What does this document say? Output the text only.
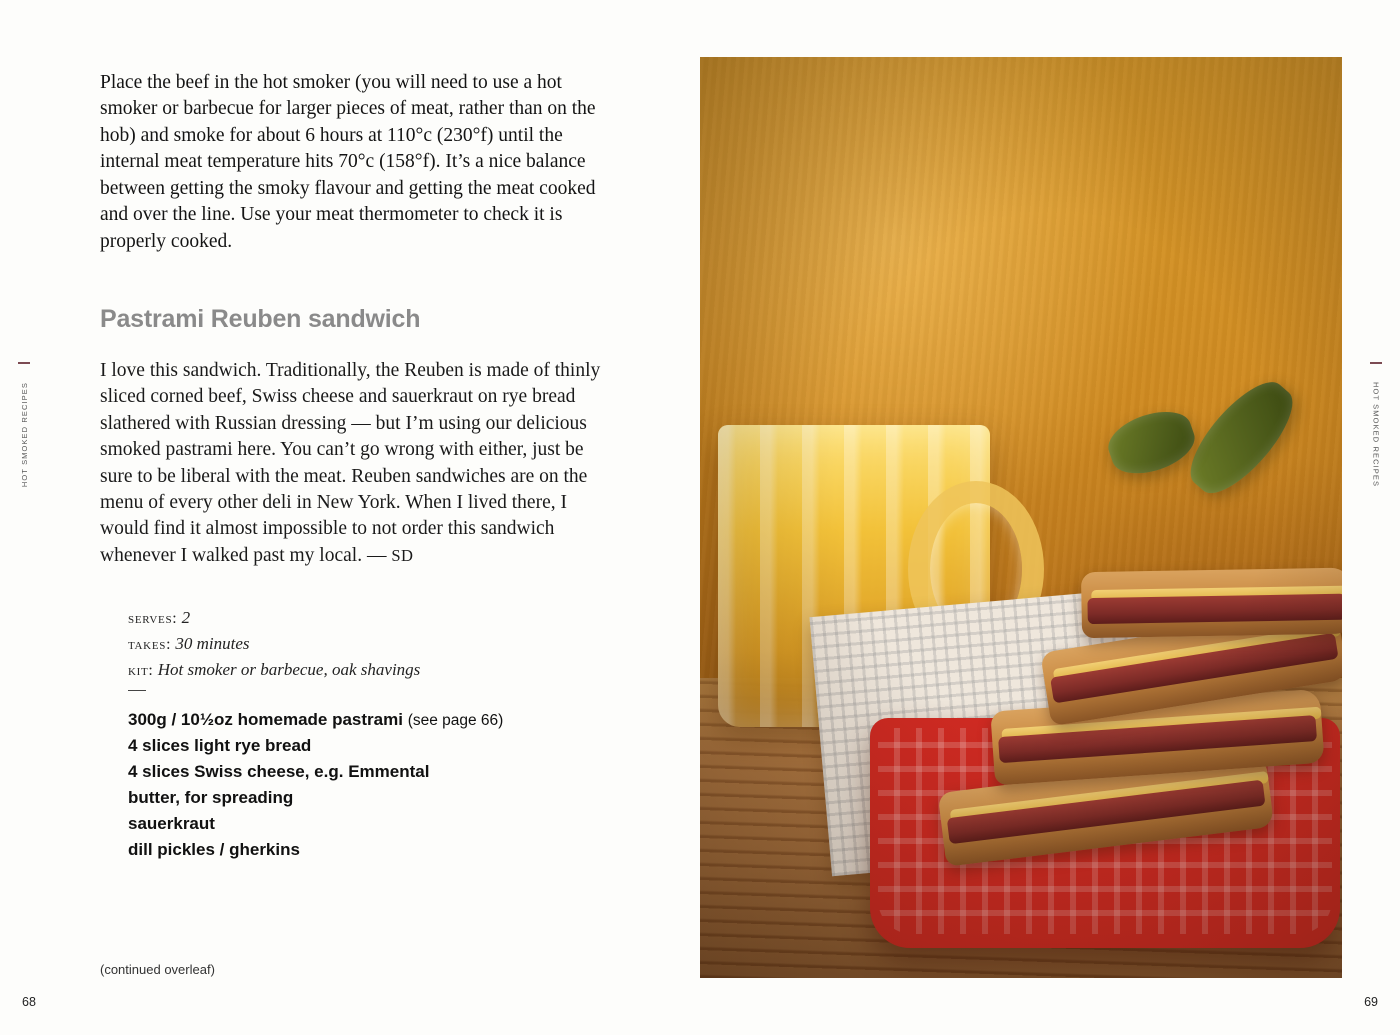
HOT SMOKED RECIPES

Place the beef in the hot smoker (you will need to use a hot smoker or barbecue for larger pieces of meat, rather than on the hob) and smoke for about 6 hours at 110°c (230°f) until the internal meat temperature hits 70°c (158°f). It’s a nice balance between getting the smoky flavour and getting the meat cooked and over the line. Use your meat thermometer to check it is properly cooked.

Pastrami Reuben sandwich

I love this sandwich. Traditionally, the Reuben is made of thinly sliced corned beef, Swiss cheese and sauerkraut on rye bread slathered with Russian dressing — but I’m using our delicious smoked pastrami here. You can’t go wrong with either, just be sure to be liberal with the meat. Reuben sandwiches are on the menu of every other deli in New York. When I lived there, I would find it almost impossible to not order this sandwich whenever I walked past my local. — SD

serves: 2
takes: 30 minutes
kit: Hot smoker or barbecue, oak shavings
300g / 10½oz homemade pastrami (see page 66)
4 slices light rye bread
4 slices Swiss cheese, e.g. Emmental
butter, for spreading
sauerkraut
dill pickles / gherkins
(continued overleaf)
HOT SMOKED RECIPES
68	69
